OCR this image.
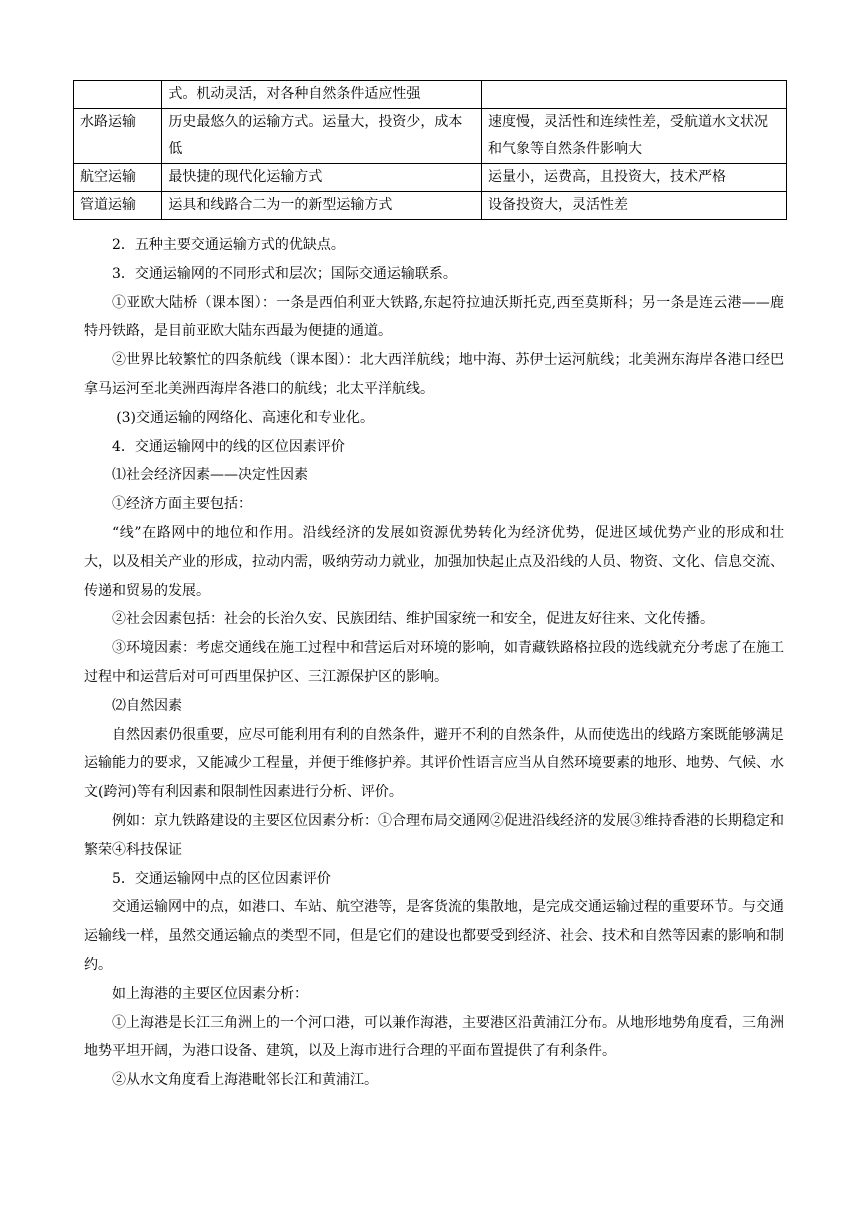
	式。机动灵活，对各种自然条件适应性强	
水路运输	历史最悠久的运输方式。运量大，投资少，成本低	速度慢，灵活性和连续性差，受航道水文状况和气象等自然条件影响大
航空运输	最快捷的现代化运输方式	运量小，运费高，且投资大，技术严格
管道运输	运具和线路合二为一的新型运输方式	设备投资大，灵活性差

2．五种主要交通运输方式的优缺点。

3．交通运输网的不同形式和层次；国际交通运输联系。

①亚欧大陆桥（课本图）：一条是西伯利亚大铁路,东起符拉迪沃斯托克,西至莫斯科；另一条是连云港——鹿特丹铁路，是目前亚欧大陆东西最为便捷的通道。

②世界比较繁忙的四条航线（课本图）：北大西洋航线；地中海、苏伊士运河航线；北美洲东海岸各港口经巴拿马运河至北美洲西海岸各港口的航线；北太平洋航线。

(3)交通运输的网络化、高速化和专业化。

4．交通运输网中的线的区位因素评价

⑴社会经济因素——决定性因素

①经济方面主要包括：

“线”在路网中的地位和作用。沿线经济的发展如资源优势转化为经济优势，促进区域优势产业的形成和壮大，以及相关产业的形成，拉动内需，吸纳劳动力就业，加强加快起止点及沿线的人员、物资、文化、信息交流、传递和贸易的发展。

②社会因素包括：社会的长治久安、民族团结、维护国家统一和安全，促进友好往来、文化传播。

③环境因素：考虑交通线在施工过程中和营运后对环境的影响，如青藏铁路格拉段的选线就充分考虑了在施工过程中和运营后对可可西里保护区、三江源保护区的影响。

⑵自然因素

自然因素仍很重要，应尽可能利用有利的自然条件，避开不利的自然条件，从而使选出的线路方案既能够满足运输能力的要求，又能减少工程量，并便于维修护养。其评价性语言应当从自然环境要素的地形、地势、气候、水文(跨河)等有利因素和限制性因素进行分析、评价。

例如：京九铁路建设的主要区位因素分析：①合理布局交通网②促进沿线经济的发展③维持香港的长期稳定和繁荣④科技保证

5．交通运输网中点的区位因素评价

交通运输网中的点，如港口、车站、航空港等，是客货流的集散地，是完成交通运输过程的重要环节。与交通运输线一样，虽然交通运输点的类型不同，但是它们的建设也都要受到经济、社会、技术和自然等因素的影响和制约。

如上海港的主要区位因素分析：

①上海港是长江三角洲上的一个河口港，可以兼作海港，主要港区沿黄浦江分布。从地形地势角度看，三角洲地势平坦开阔，为港口设备、建筑，以及上海市进行合理的平面布置提供了有利条件。

②从水文角度看上海港毗邻长江和黄浦江。
